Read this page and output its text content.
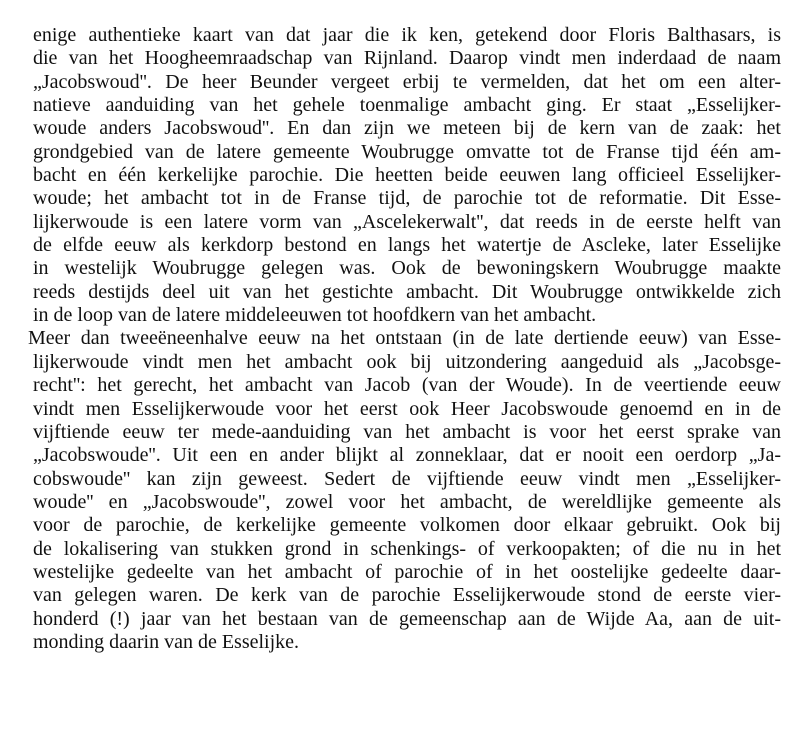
enige authentieke kaart van dat jaar die ik ken, getekend door Floris Balthasars, is
die van het Hoogheemraadschap van Rijnland. Daarop vindt men inderdaad de naam
„Jacobswoud''. De heer Beunder vergeet erbij te vermelden, dat het om een alter-
natieve aanduiding van het gehele toenmalige ambacht ging. Er staat „Esselijker-
woude anders Jacobswoud''. En dan zijn we meteen bij de kern van de zaak: het
grondgebied van de latere gemeente Woubrugge omvatte tot de Franse tijd één am-
bacht en één kerkelijke parochie. Die heetten beide eeuwen lang officieel Esselijker-
woude; het ambacht tot in de Franse tijd, de parochie tot de reformatie. Dit Esse-
lijkerwoude is een latere vorm van „Ascelekerwalt'', dat reeds in de eerste helft van
de elfde eeuw als kerkdorp bestond en langs het watertje de Ascleke, later Esselijke
in westelijk Woubrugge gelegen was. Ook de bewoningskern Woubrugge maakte
reeds destijds deel uit van het gestichte ambacht. Dit Woubrugge ontwikkelde zich
in de loop van de latere middeleeuwen tot hoofdkern van het ambacht.
Meer dan tweeëneenhalve eeuw na het ontstaan (in de late dertiende eeuw) van Esse-
lijkerwoude vindt men het ambacht ook bij uitzondering aangeduid als „Jacobsge-
recht'': het gerecht, het ambacht van Jacob (van der Woude). In de veertiende eeuw
vindt men Esselijkerwoude voor het eerst ook Heer Jacobswoude genoemd en in de
vijftiende eeuw ter mede-aanduiding van het ambacht is voor het eerst sprake van
„Jacobswoude''. Uit een en ander blijkt al zonneklaar, dat er nooit een oerdorp „Ja-
cobswoude'' kan zijn geweest. Sedert de vijftiende eeuw vindt men „Esselijker-
woude'' en „Jacobswoude'', zowel voor het ambacht, de wereldlijke gemeente als
voor de parochie, de kerkelijke gemeente volkomen door elkaar gebruikt. Ook bij
de lokalisering van stukken grond in schenkings- of verkoopakten; of die nu in het
westelijke gedeelte van het ambacht of parochie of in het oostelijke gedeelte daar-
van gelegen waren. De kerk van de parochie Esselijkerwoude stond de eerste vier-
honderd (!) jaar van het bestaan van de gemeenschap aan de Wijde Aa, aan de uit-
monding daarin van de Esselijke.
